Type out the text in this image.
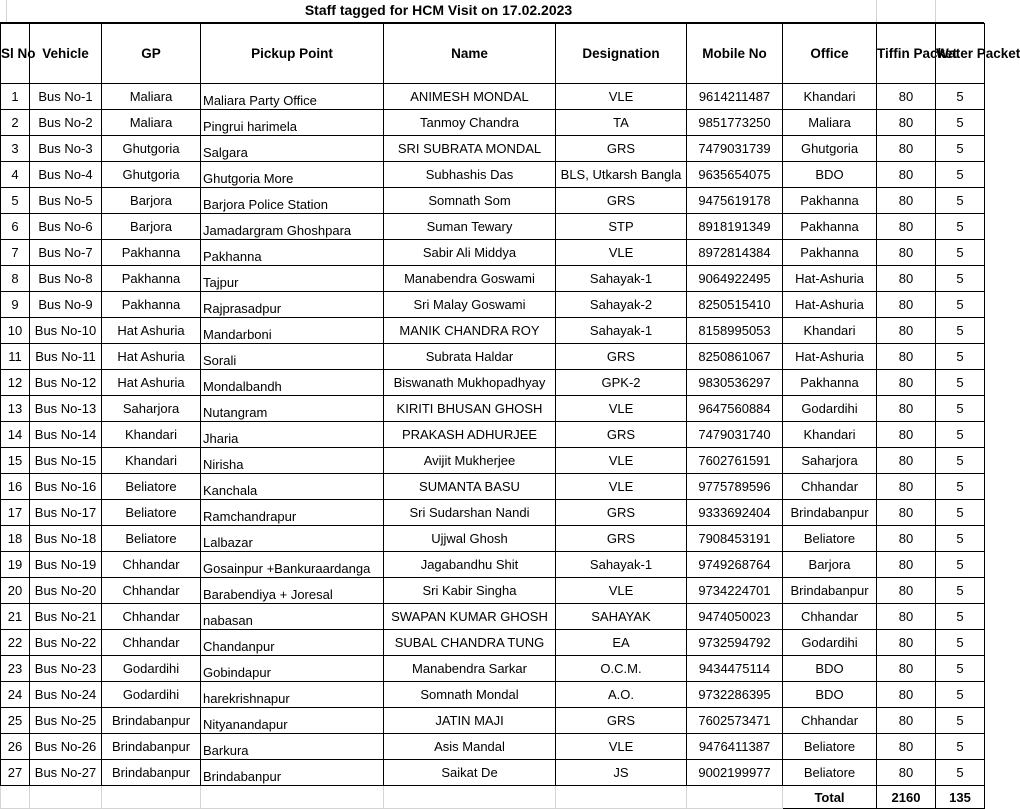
Staff tagged for HCM Visit on 17.02.2023
Sl No	Vehicle	GP	Pickup Point	Name	Designation	Mobile No	Office	Tiffin Packet	Water Packet
1	Bus No-1	Maliara	Maliara Party Office	ANIMESH MONDAL	VLE	9614211487	Khandari	80	5
2	Bus No-2	Maliara	Pingrui harimela	Tanmoy Chandra	TA	9851773250	Maliara	80	5
3	Bus No-3	Ghutgoria	Salgara	SRI SUBRATA MONDAL	GRS	7479031739	Ghutgoria	80	5
4	Bus No-4	Ghutgoria	Ghutgoria More	Subhashis Das	BLS, Utkarsh Bangla	9635654075	BDO	80	5
5	Bus No-5	Barjora	Barjora Police Station	Somnath Som	GRS	9475619178	Pakhanna	80	5
6	Bus No-6	Barjora	Jamadargram Ghoshpara	Suman Tewary	STP	8918191349	Pakhanna	80	5
7	Bus No-7	Pakhanna	Pakhanna	Sabir Ali Middya	VLE	8972814384	Pakhanna	80	5
8	Bus No-8	Pakhanna	Tajpur	Manabendra Goswami	Sahayak-1	9064922495	Hat-Ashuria	80	5
9	Bus No-9	Pakhanna	Rajprasadpur	Sri Malay Goswami	Sahayak-2	8250515410	Hat-Ashuria	80	5
10	Bus No-10	Hat Ashuria	Mandarboni	MANIK CHANDRA ROY	Sahayak-1	8158995053	Khandari	80	5
11	Bus No-11	Hat Ashuria	Sorali	Subrata Haldar	GRS	8250861067	Hat-Ashuria	80	5
12	Bus No-12	Hat Ashuria	Mondalbandh	Biswanath Mukhopadhyay	GPK-2	9830536297	Pakhanna	80	5
13	Bus No-13	Saharjora	Nutangram	KIRITI BHUSAN GHOSH	VLE	9647560884	Godardihi	80	5
14	Bus No-14	Khandari	Jharia	PRAKASH ADHURJEE	GRS	7479031740	Khandari	80	5
15	Bus No-15	Khandari	Nirisha	Avijit Mukherjee	VLE	7602761591	Saharjora	80	5
16	Bus No-16	Beliatore	Kanchala	SUMANTA BASU	VLE	9775789596	Chhandar	80	5
17	Bus No-17	Beliatore	Ramchandrapur	Sri Sudarshan Nandi	GRS	9333692404	Brindabanpur	80	5
18	Bus No-18	Beliatore	Lalbazar	Ujjwal Ghosh	GRS	7908453191	Beliatore	80	5
19	Bus No-19	Chhandar	Gosainpur +Bankuraardanga	Jagabandhu Shit	Sahayak-1	9749268764	Barjora	80	5
20	Bus No-20	Chhandar	Barabendiya + Joresal	Sri Kabir Singha	VLE	9734224701	Brindabanpur	80	5
21	Bus No-21	Chhandar	nabasan	SWAPAN KUMAR GHOSH	SAHAYAK	9474050023	Chhandar	80	5
22	Bus No-22	Chhandar	Chandanpur	SUBAL CHANDRA TUNG	EA	9732594792	Godardihi	80	5
23	Bus No-23	Godardihi	Gobindapur	Manabendra Sarkar	O.C.M.	9434475114	BDO	80	5
24	Bus No-24	Godardihi	harekrishnapur	Somnath Mondal	A.O.	9732286395	BDO	80	5
25	Bus No-25	Brindabanpur	Nityanandapur	JATIN MAJI	GRS	7602573471	Chhandar	80	5
26	Bus No-26	Brindabanpur	Barkura	Asis Mandal	VLE	9476411387	Beliatore	80	5
27	Bus No-27	Brindabanpur	Brindabanpur	Saikat De	JS	9002199977	Beliatore	80	5
							Total	2160	135
